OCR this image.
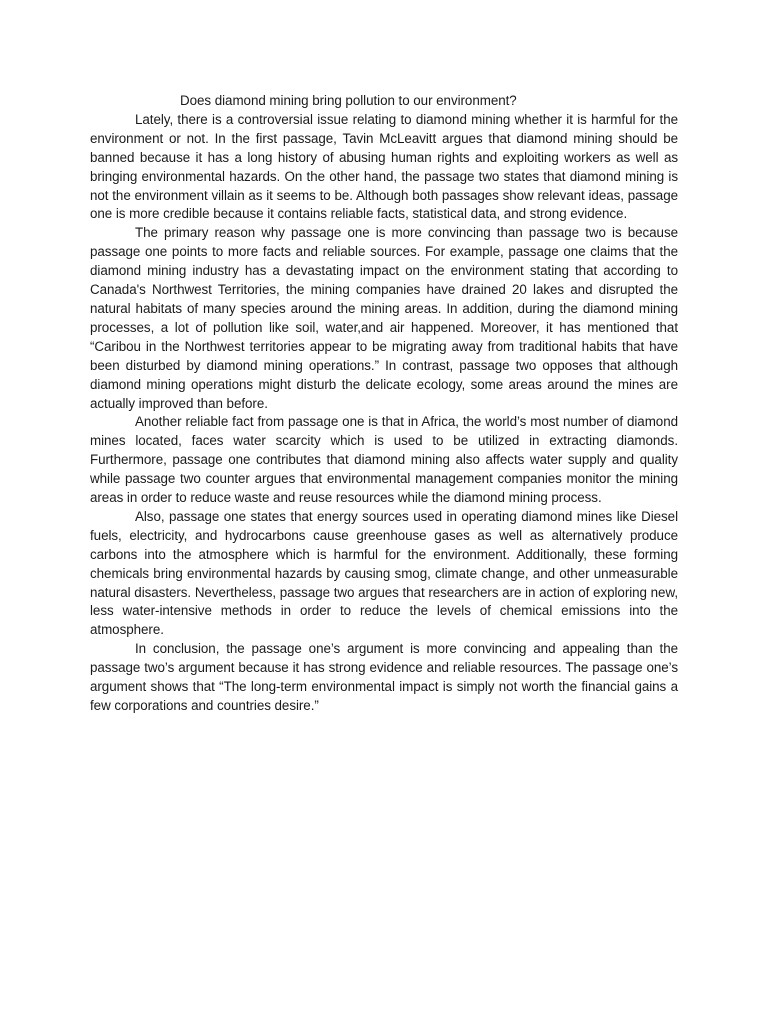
Does diamond mining bring pollution to our environment?

Lately, there is a controversial issue relating to diamond mining whether it is harmful for the environment or not. In the first passage, Tavin McLeavitt argues that diamond mining should be banned because it has a long history of abusing human rights and exploiting workers as well as bringing environmental hazards. On the other hand, the passage two states that diamond mining is not the environment villain as it seems to be. Although both passages show relevant ideas, passage one is more credible because it contains reliable facts, statistical data, and strong evidence.

The primary reason why passage one is more convincing than passage two is because passage one points to more facts and reliable sources. For example, passage one claims that the diamond mining industry has a devastating impact on the environment stating that according to Canada's Northwest Territories, the mining companies have drained 20 lakes and disrupted the natural habitats of many species around the mining areas. In addition, during the diamond mining processes, a lot of pollution like soil, water,and air happened. Moreover, it has mentioned that “Caribou in the Northwest territories appear to be migrating away from traditional habits that have been disturbed by diamond mining operations.” In contrast, passage two opposes that although diamond mining operations might disturb the delicate ecology, some areas around the mines are actually improved than before.

Another reliable fact from passage one is that in Africa, the world’s most number of diamond mines located, faces water scarcity which is used to be utilized in extracting diamonds. Furthermore, passage one contributes that diamond mining also affects water supply and quality while passage two counter argues that environmental management companies monitor the mining areas in order to reduce waste and reuse resources while the diamond mining process.

Also, passage one states that energy sources used in operating diamond mines like Diesel fuels, electricity, and hydrocarbons cause greenhouse gases as well as alternatively produce carbons into the atmosphere which is harmful for the environment. Additionally, these forming chemicals bring environmental hazards by causing smog, climate change, and other unmeasurable natural disasters. Nevertheless, passage two argues that researchers are in action of exploring new, less water-intensive methods in order to reduce the levels of chemical emissions into the atmosphere.

In conclusion, the passage one’s argument is more convincing and appealing than the passage two’s argument because it has strong evidence and reliable resources. The passage one’s argument shows that “The long-term environmental impact is simply not worth the financial gains a few corporations and countries desire.”
